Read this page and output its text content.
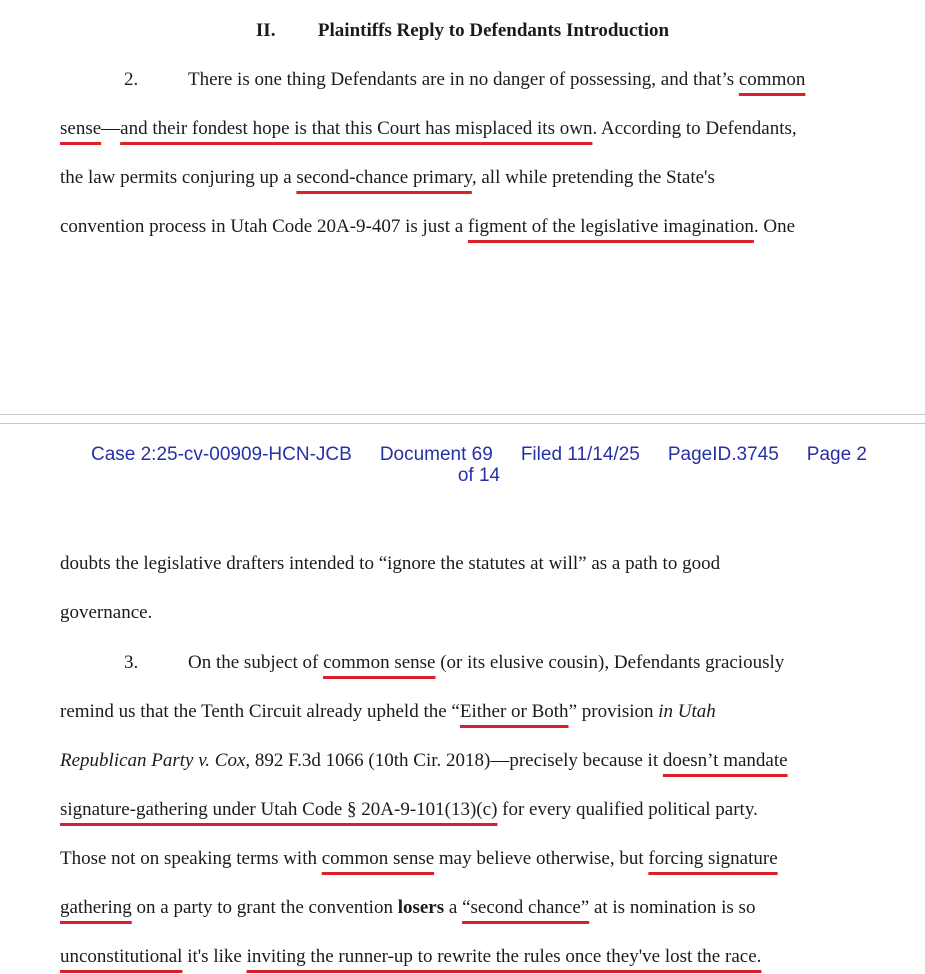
II. Plaintiffs Reply to Defendants Introduction
2.	There is one thing Defendants are in no danger of possessing, and that’s common
sense—and their fondest hope is that this Court has misplaced its own. According to Defendants,
the law permits conjuring up a second-chance primary, all while pretending the State's
convention process in Utah Code 20A-9-407 is just a figment of the legislative imagination. One
Case 2:25-cv-00909-HCN-JCB Document 69 Filed 11/14/25 PageID.3745 Page 2
of 14
doubts the legislative drafters intended to “ignore the statutes at will” as a path to good
governance.
3.	On the subject of common sense (or its elusive cousin), Defendants graciously
remind us that the Tenth Circuit already upheld the “Either or Both” provision in Utah
Republican Party v. Cox, 892 F.3d 1066 (10th Cir. 2018)—precisely because it doesn’t mandate
signature-gathering under Utah Code § 20A-9-101(13)(c) for every qualified political party.
Those not on speaking terms with common sense may believe otherwise, but forcing signature
gathering on a party to grant the convention losers a “second chance” at is nomination is so
unconstitutional it's like inviting the runner-up to rewrite the rules once they've lost the race.
